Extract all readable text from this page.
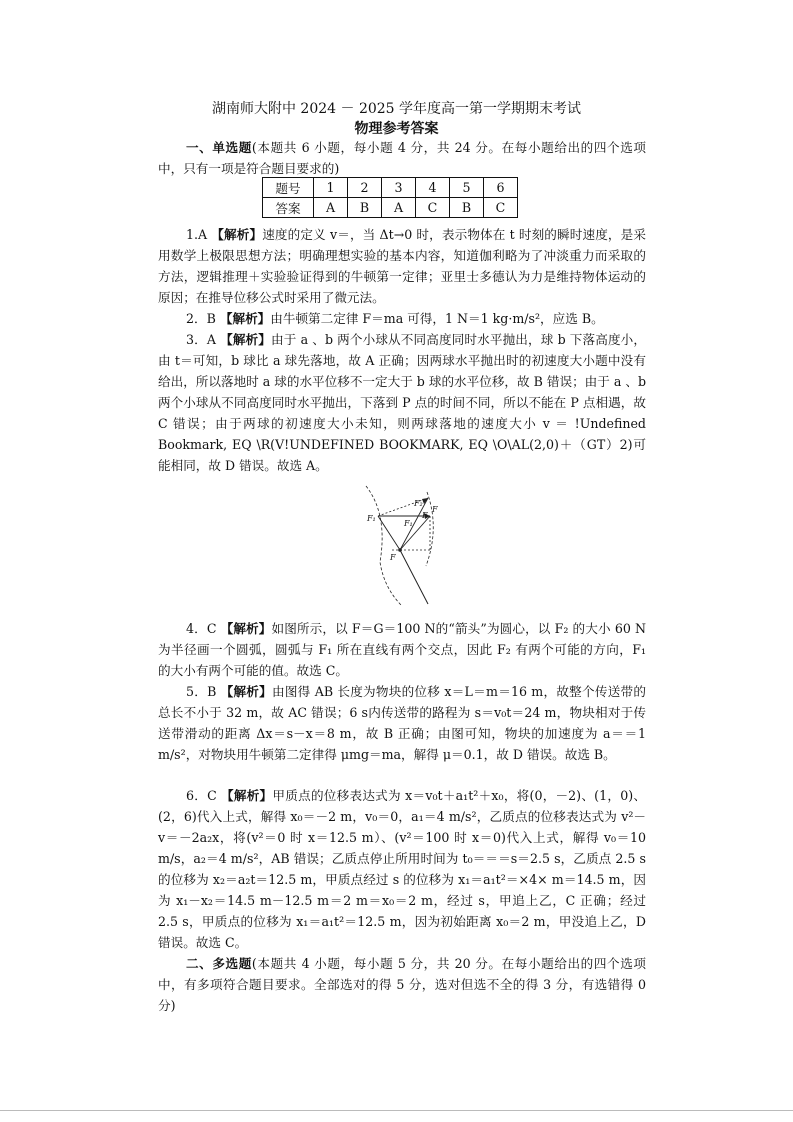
湖南师大附中 2024 － 2025 学年度高一第一学期期末考试
物理参考答案

一、单选题(本题共 6 小题，每小题 4 分，共 24 分。在每小题给出的四个选项中，只有一项是符合题目要求的)

题号	1	2	3	4	5	6
答案	A	B	A	C	B	C

1.A 【解析】速度的定义 v＝，当 Δt→0 时，表示物体在 t 时刻的瞬时速度，是采用数学上极限思想方法；明确理想实验的基本内容，知道伽利略为了冲淡重力而采取的方法，逻辑推理＋实验验证得到的牛顿第一定律；亚里士多德认为力是维持物体运动的原因；在推导位移公式时采用了微元法。

2．B 【解析】由牛顿第二定律 F＝ma 可得，1 N＝1 kg·m/s²，应选 B。

3．A 【解析】由于 a 、b 两个小球从不同高度同时水平抛出，球 b 下落高度小，由 t＝可知，b 球比 a 球先落地，故 A 正确；因两球水平抛出时的初速度大小题中没有给出，所以落地时 a 球的水平位移不一定大于 b 球的水平位移，故 B 错误；由于 a 、b 两个小球从不同高度同时水平抛出，下落到 P 点的时间不同，所以不能在 P 点相遇，故 C 错误；由于两球的初速度大小未知，则两球落地的速度大小 v ＝ !Undefined Bookmark, EQ \R(V!UNDEFINED BOOKMARK, EQ \O\AL(2,0)＋（GT）2)可能相同，故 D 错误。故选 A。

F₂
F
F₁
F₁
F
F

4．C 【解析】如图所示，以 F＝G＝100 N的“箭头”为圆心，以 F₂ 的大小 60 N为半径画一个圆弧，圆弧与 F₁ 所在直线有两个交点，因此 F₂ 有两个可能的方向，F₁ 的大小有两个可能的值。故选 C。

5．B 【解析】由图得 AB 长度为物块的位移 x＝L＝m＝16 m，故整个传送带的总长不小于 32 m，故 AC 错误；6 s内传送带的路程为 s＝v₀t＝24 m，物块相对于传送带滑动的距离 Δx＝s－x＝8 m，故 B 正确；由图可知，物块的加速度为 a＝＝1 m/s²，对物块用牛顿第二定律得 μmg＝ma，解得 μ＝0.1，故 D 错误。故选 B。

6．C 【解析】甲质点的位移表达式为 x＝v₀t＋a₁t²＋x₀，将(0，－2)、(1，0)、(2，6)代入上式，解得 x₀＝－2 m，v₀＝0，a₁＝4 m/s²，乙质点的位移表达式为 v²－v＝－2a₂x，将(v²＝0 时 x＝12.5 m）、(v²＝100 时 x＝0)代入上式，解得 v₀＝10 m/s，a₂＝4 m/s²，AB 错误；乙质点停止所用时间为 t₀＝＝＝s＝2.5 s，乙质点 2.5 s的位移为 x₂＝a₂t＝12.5 m，甲质点经过 s 的位移为 x₁＝a₁t²＝×4× m＝14.5 m，因为 x₁－x₂＝14.5 m－12.5 m＝2 m＝x₀＝2 m，经过 s，甲追上乙，C 正确；经过 2.5 s，甲质点的位移为 x₁＝a₁t²＝12.5 m，因为初始距离 x₀＝2 m，甲没追上乙，D 错误。故选 C。

二、多选题(本题共 4 小题，每小题 5 分，共 20 分。在每小题给出的四个选项中，有多项符合题目要求。全部选对的得 5 分，选对但选不全的得 3 分，有选错得 0 分)
